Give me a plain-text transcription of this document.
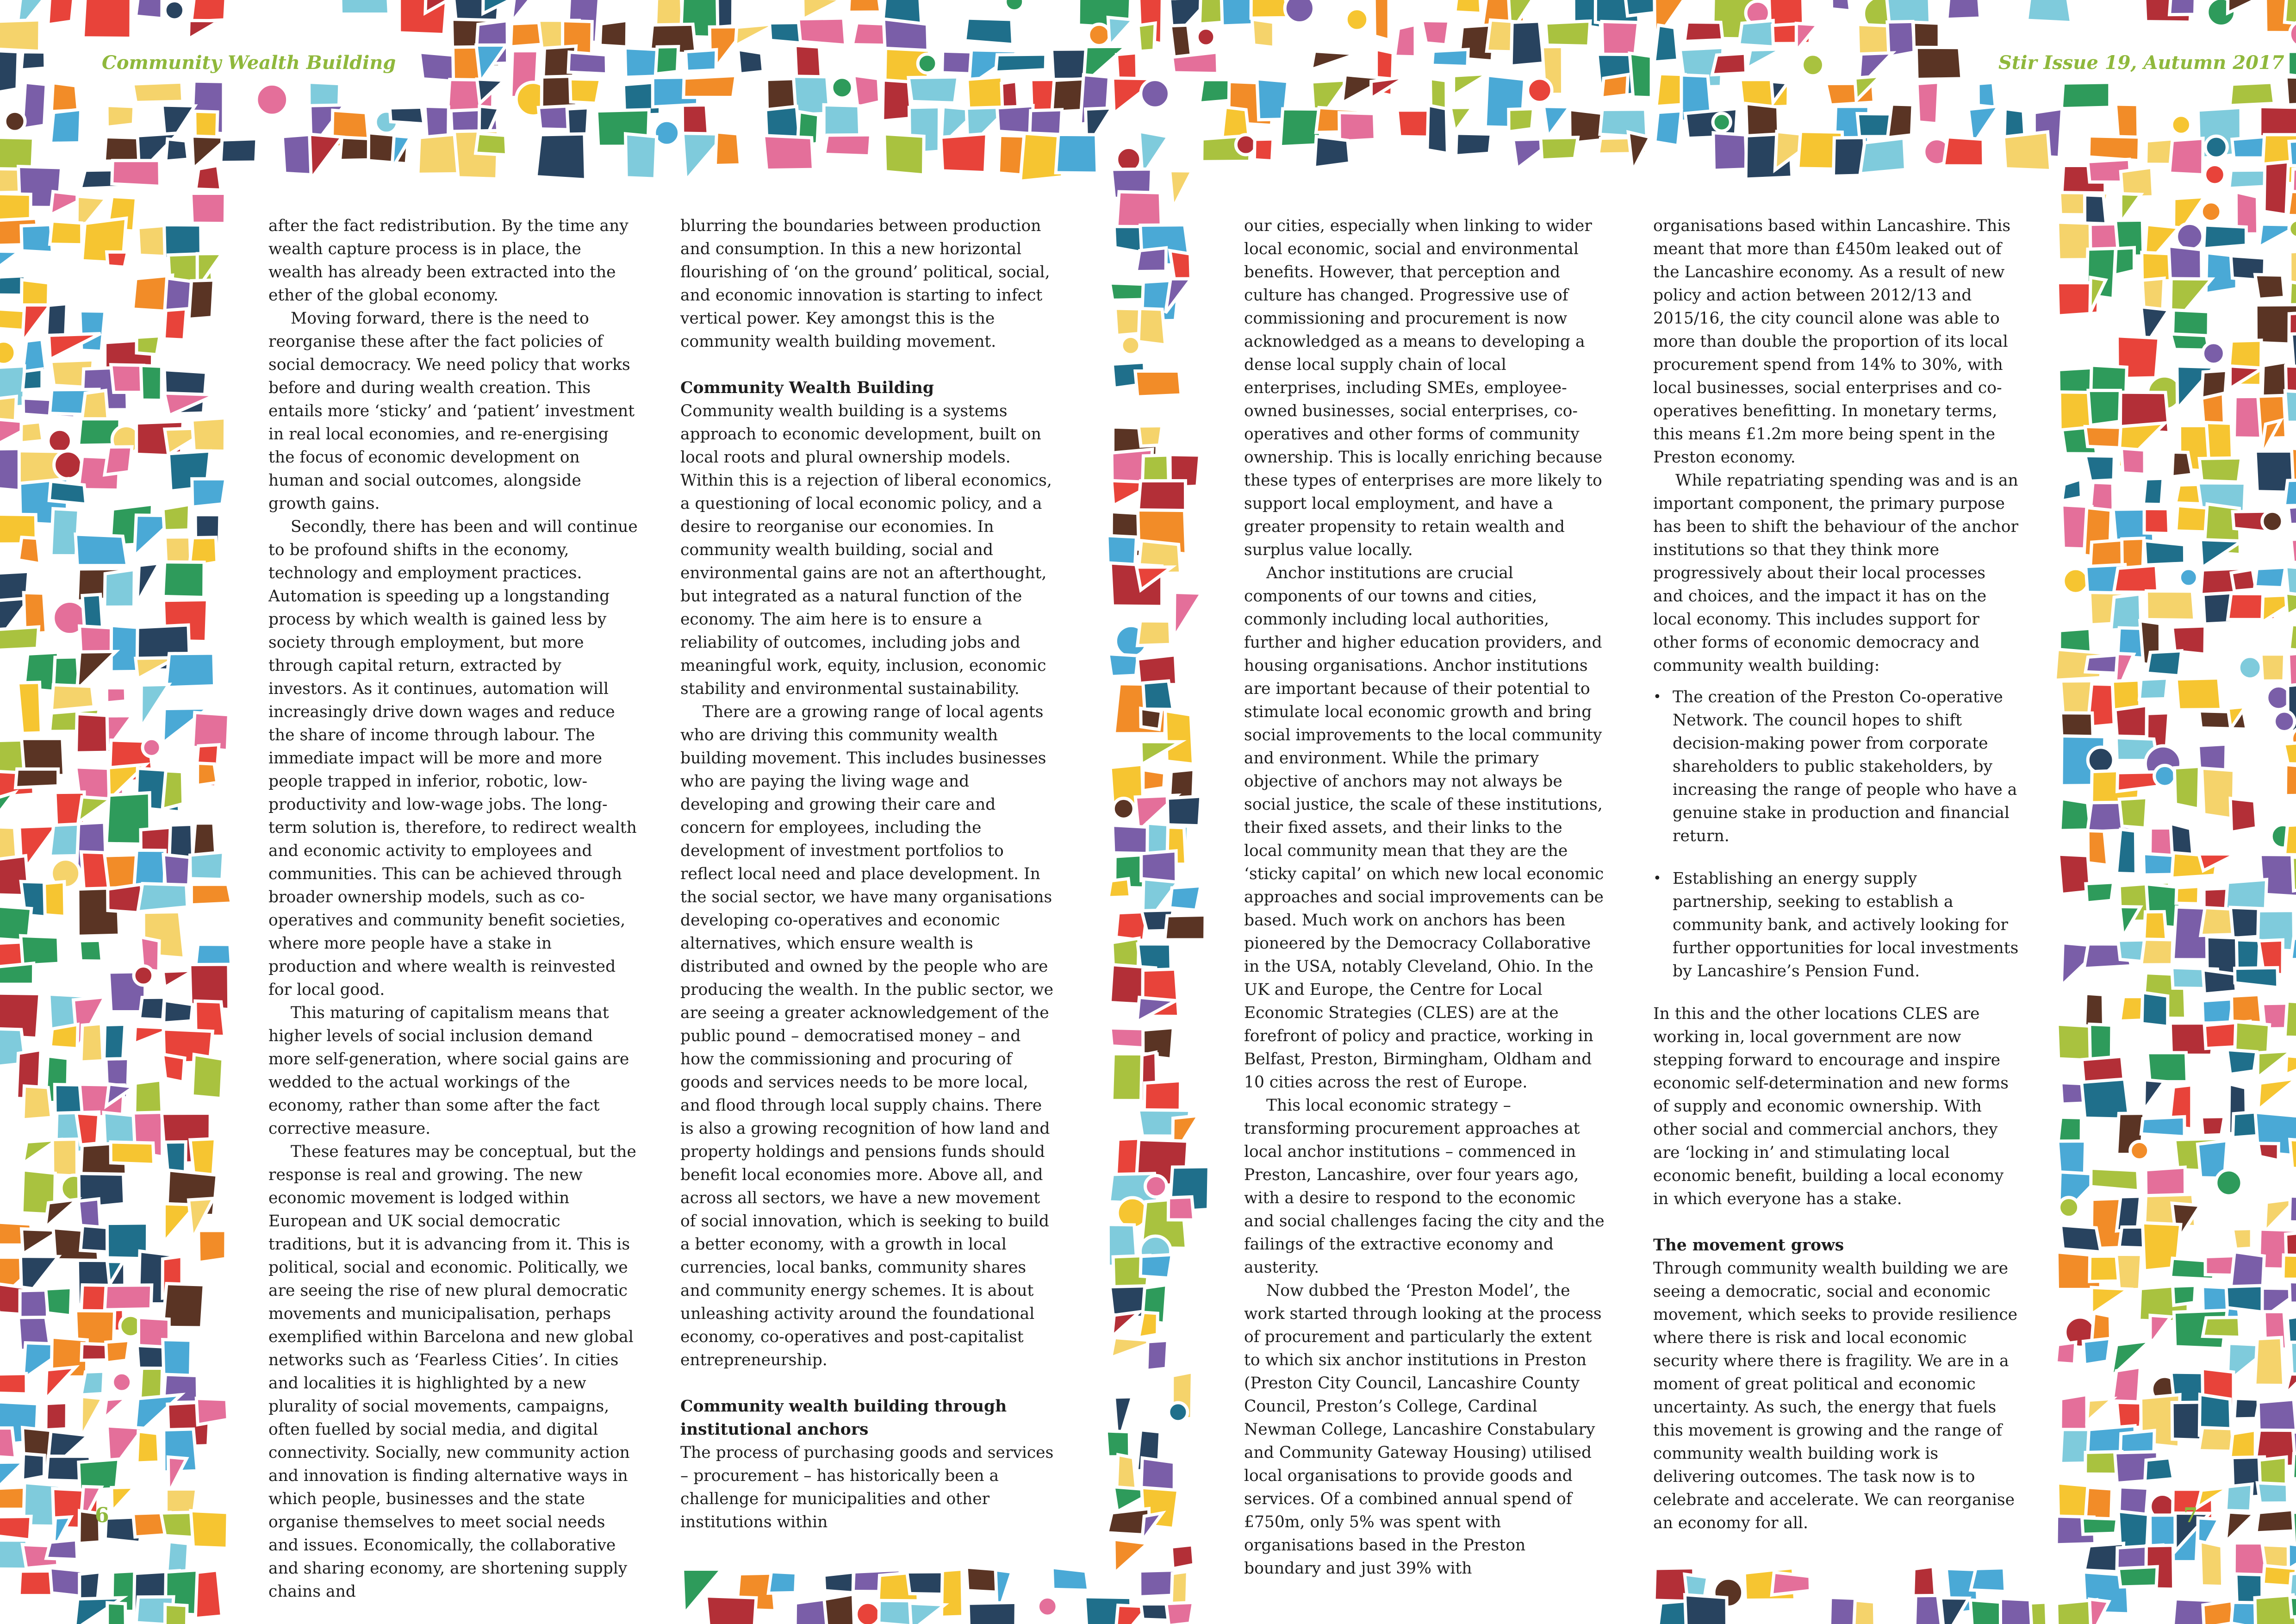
Community Wealth Building	Stir Issue 19, Autumn 2017

after the fact redistribution. By the time any wealth capture process is in place, the wealth has already been extracted into the ether of the global economy.

Moving forward, there is the need to reorganise these after the fact policies of social democracy. We need policy that works before and during wealth creation. This entails more ‘sticky’ and ‘patient’ investment in real local economies, and re-energising the focus of economic development on human and social outcomes, alongside growth gains.

Secondly, there has been and will continue to be profound shifts in the economy, technology and employment practices. Automation is speeding up a longstanding process by which wealth is gained less by society through employment, but more through capital return, extracted by investors. As it continues, automation will increasingly drive down wages and reduce the share of income through labour. The immediate impact will be more and more people trapped in inferior, robotic, low-productivity and low-wage jobs. The long-term solution is, therefore, to redirect wealth and economic activity to employees and communities. This can be achieved through broader ownership models, such as co-operatives and community benefit societies, where more people have a stake in production and where wealth is reinvested for local good.

This maturing of capitalism means that higher levels of social inclusion demand more self-generation, where social gains are wedded to the actual workings of the economy, rather than some after the fact corrective measure.

These features may be conceptual, but the response is real and growing. The new economic movement is lodged within European and UK social democratic traditions, but it is advancing from it. This is political, social and economic. Politically, we are seeing the rise of new plural democratic movements and municipalisation, perhaps exemplified within Barcelona and new global networks such as ‘Fearless Cities’. In cities and localities it is highlighted by a new plurality of social movements, campaigns, often fuelled by social media, and digital connectivity. Socially, new community action and innovation is finding alternative ways in which people, businesses and the state organise themselves to meet social needs and issues. Economically, the collaborative and sharing economy, are shortening supply chains and

blurring the boundaries between production and consumption. In this a new horizontal flourishing of ‘on the ground’ political, social, and economic innovation is starting to infect vertical power. Key amongst this is the community wealth building movement.

Community Wealth Building

Community wealth building is a systems approach to economic development, built on local roots and plural ownership models. Within this is a rejection of liberal economics, a questioning of local economic policy, and a desire to reorganise our economies. In community wealth building, social and environmental gains are not an afterthought, but integrated as a natural function of the economy. The aim here is to ensure a reliability of outcomes, including jobs and meaningful work, equity, inclusion, economic stability and environmental sustainability.

There are a growing range of local agents who are driving this community wealth building movement. This includes businesses who are paying the living wage and developing and growing their care and concern for employees, including the development of investment portfolios to reflect local need and place development. In the social sector, we have many organisations developing co-operatives and economic alternatives, which ensure wealth is distributed and owned by the people who are producing the wealth. In the public sector, we are seeing a greater acknowledgement of the public pound – democratised money – and how the commissioning and procuring of goods and services needs to be more local, and flood through local supply chains. There is also a growing recognition of how land and property holdings and pensions funds should benefit local economies more. Above all, and across all sectors, we have a new movement of social innovation, which is seeking to build a better economy, with a growth in local currencies, local banks, community shares and community energy schemes. It is about unleashing activity around the foundational economy, co-operatives and post-capitalist entrepreneurship.

Community wealth building through institutional anchors

The process of purchasing goods and services – procurement – has historically been a challenge for municipalities and other institutions within

our cities, especially when linking to wider local economic, social and environmental benefits. However, that perception and culture has changed. Progressive use of commissioning and procurement is now acknowledged as a means to developing a dense local supply chain of local enterprises, including SMEs, employee-owned businesses, social enterprises, co-operatives and other forms of community ownership. This is locally enriching because these types of enterprises are more likely to support local employment, and have a greater propensity to retain wealth and surplus value locally.

Anchor institutions are crucial components of our towns and cities, commonly including local authorities, further and higher education providers, and housing organisations. Anchor institutions are important because of their potential to stimulate local economic growth and bring social improvements to the local community and environment. While the primary objective of anchors may not always be social justice, the scale of these institutions, their fixed assets, and their links to the local community mean that they are the ‘sticky capital’ on which new local economic approaches and social improvements can be based. Much work on anchors has been pioneered by the Democracy Collaborative in the USA, notably Cleveland, Ohio. In the UK and Europe, the Centre for Local Economic Strategies (CLES) are at the forefront of policy and practice, working in Belfast, Preston, Birmingham, Oldham and 10 cities across the rest of Europe.

This local economic strategy – transforming procurement approaches at local anchor institutions – commenced in Preston, Lancashire, over four years ago, with a desire to respond to the economic and social challenges facing the city and the failings of the extractive economy and austerity.

Now dubbed the ‘Preston Model’, the work started through looking at the process of procurement and particularly the extent to which six anchor institutions in Preston (Preston City Council, Lancashire County Council, Preston’s College, Cardinal Newman College, Lancashire Constabulary and Community Gateway Housing) utilised local organisations to provide goods and services. Of a combined annual spend of £750m, only 5% was spent with organisations based in the Preston boundary and just 39% with

organisations based within Lancashire. This meant that more than £450m leaked out of the Lancashire economy. As a result of new policy and action between 2012/13 and 2015/16, the city council alone was able to more than double the proportion of its local procurement spend from 14% to 30%, with local businesses, social enterprises and co-operatives benefitting. In monetary terms, this means £1.2m more being spent in the Preston economy.

While repatriating spending was and is an important component, the primary purpose has been to shift the behaviour of the anchor institutions so that they think more progressively about their local processes and choices, and the impact it has on the local economy. This includes support for other forms of economic democracy and community wealth building:

• The creation of the Preston Co-operative Network. The council hopes to shift decision-making power from corporate shareholders to public stakeholders, by increasing the range of people who have a genuine stake in production and financial return.
• Establishing an energy supply partnership, seeking to establish a community bank, and actively looking for further opportunities for local investments by Lancashire’s Pension Fund.

In this and the other locations CLES are working in, local government are now stepping forward to encourage and inspire economic self-determination and new forms of supply and economic ownership. With other social and commercial anchors, they are ‘locking in’ and stimulating local economic benefit, building a local economy in which everyone has a stake.

The movement grows

Through community wealth building we are seeing a democratic, social and economic movement, which seeks to provide resilience where there is risk and local economic security where there is fragility. We are in a moment of great political and economic uncertainty. As such, the energy that fuels this movement is growing and the range of community wealth building work is delivering outcomes. The task now is to celebrate and accelerate. We can reorganise an economy for all.

6	7
